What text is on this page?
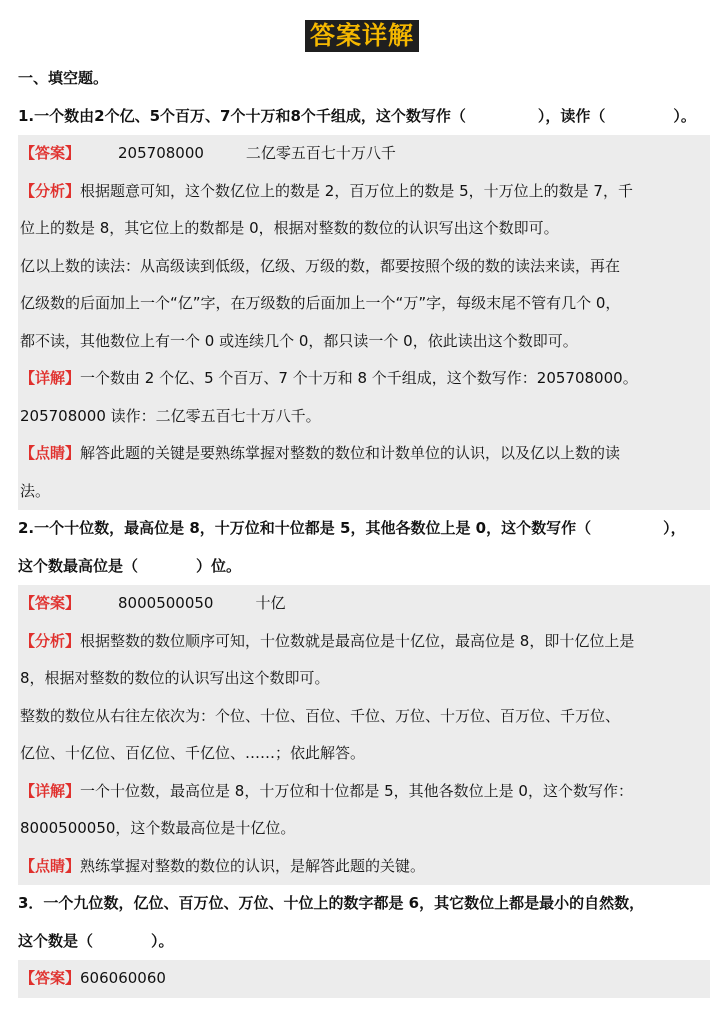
答案详解
一、填空题。
1.一个数由2个亿、5个百万、7个十万和8个千组成，这个数写作（	），读作（	）。
【答案】	205708000	二亿零五百七十万八千
【分析】根据题意可知，这个数亿位上的数是 2，百万位上的数是 5，十万位上的数是 7，千
位上的数是 8，其它位上的数都是 0，根据对整数的数位的认识写出这个数即可。
亿以上数的读法：从高级读到低级，亿级、万级的数，都要按照个级的数的读法来读，再在
亿级数的后面加上一个“亿”字，在万级数的后面加上一个“万”字，每级末尾不管有几个 0，
都不读，其他数位上有一个 0 或连续几个 0，都只读一个 0，依此读出这个数即可。
【详解】一个数由 2 个亿、5 个百万、7 个十万和 8 个千组成，这个数写作：205708000。
205708000 读作：二亿零五百七十万八千。
【点睛】解答此题的关键是要熟练掌握对整数的数位和计数单位的认识，以及亿以上数的读
法。
2.一个十位数，最高位是 8，十万位和十位都是 5，其他各数位上是 0，这个数写作（	），
这个数最高位是（	）位。
【答案】	8000500050	十亿
【分析】根据整数的数位顺序可知，十位数就是最高位是十亿位，最高位是 8，即十亿位上是
8，根据对整数的数位的认识写出这个数即可。
整数的数位从右往左依次为：个位、十位、百位、千位、万位、十万位、百万位、千万位、
亿位、十亿位、百亿位、千亿位、……；依此解答。
【详解】一个十位数，最高位是 8，十万位和十位都是 5，其他各数位上是 0，这个数写作：
8000500050，这个数最高位是十亿位。
【点睛】熟练掌握对整数的数位的认识，是解答此题的关键。
3．一个九位数，亿位、百万位、万位、十位上的数字都是 6，其它数位上都是最小的自然数，
这个数是（	）。
【答案】606060060
